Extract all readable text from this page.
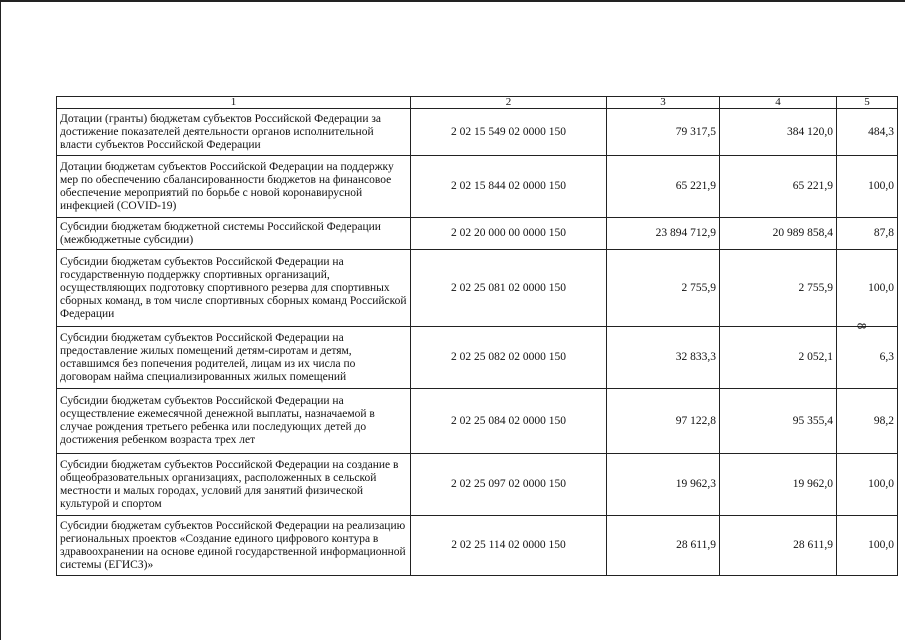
1	2	3	4	5
Дотации (гранты) бюджетам субъектов Российской Федерации за достижение показателей деятельности органов исполнительной власти субъектов Российской Федерации	2 02 15 549 02 0000 150	79 317,5	384 120,0	484,3
Дотации бюджетам субъектов Российской Федерации на поддержку мер по обеспечению сбалансированности бюджетов на финансовое обеспечение мероприятий по борьбе с новой коронавирусной инфекцией (COVID-19)	2 02 15 844 02 0000 150	65 221,9	65 221,9	100,0
Субсидии бюджетам бюджетной системы Российской Федерации (межбюджетные субсидии)	2 02 20 000 00 0000 150	23 894 712,9	20 989 858,4	87,8
Субсидии бюджетам субъектов Российской Федерации на государственную поддержку спортивных организаций, осуществляющих подготовку спортивного резерва для спортивных сборных команд, в том числе спортивных сборных команд Российской Федерации	2 02 25 081 02 0000 150	2 755,9	2 755,9	100,0
Субсидии бюджетам субъектов Российской Федерации на предоставление жилых помещений детям-сиротам и детям, оставшимся без попечения родителей, лицам из их числа по договорам найма специализированных жилых помещений	2 02 25 082 02 0000 150	32 833,3	2 052,1	6,3
Субсидии бюджетам субъектов Российской Федерации на осуществление ежемесячной денежной выплаты, назначаемой в случае рождения третьего ребенка или последующих детей до достижения ребенком возраста трех лет	2 02 25 084 02 0000 150	97 122,8	95 355,4	98,2
Субсидии бюджетам субъектов Российской Федерации на создание в общеобразовательных организациях, расположенных в сельской местности и малых городах, условий для занятий физической культурой и спортом	2 02 25 097 02 0000 150	19 962,3	19 962,0	100,0
Субсидии бюджетам субъектов Российской Федерации на реализацию региональных проектов «Создание единого цифрового контура в здравоохранении на основе единой государственной информационной системы (ЕГИСЗ)»	2 02 25 114 02 0000 150	28 611,9	28 611,9	100,0
8
